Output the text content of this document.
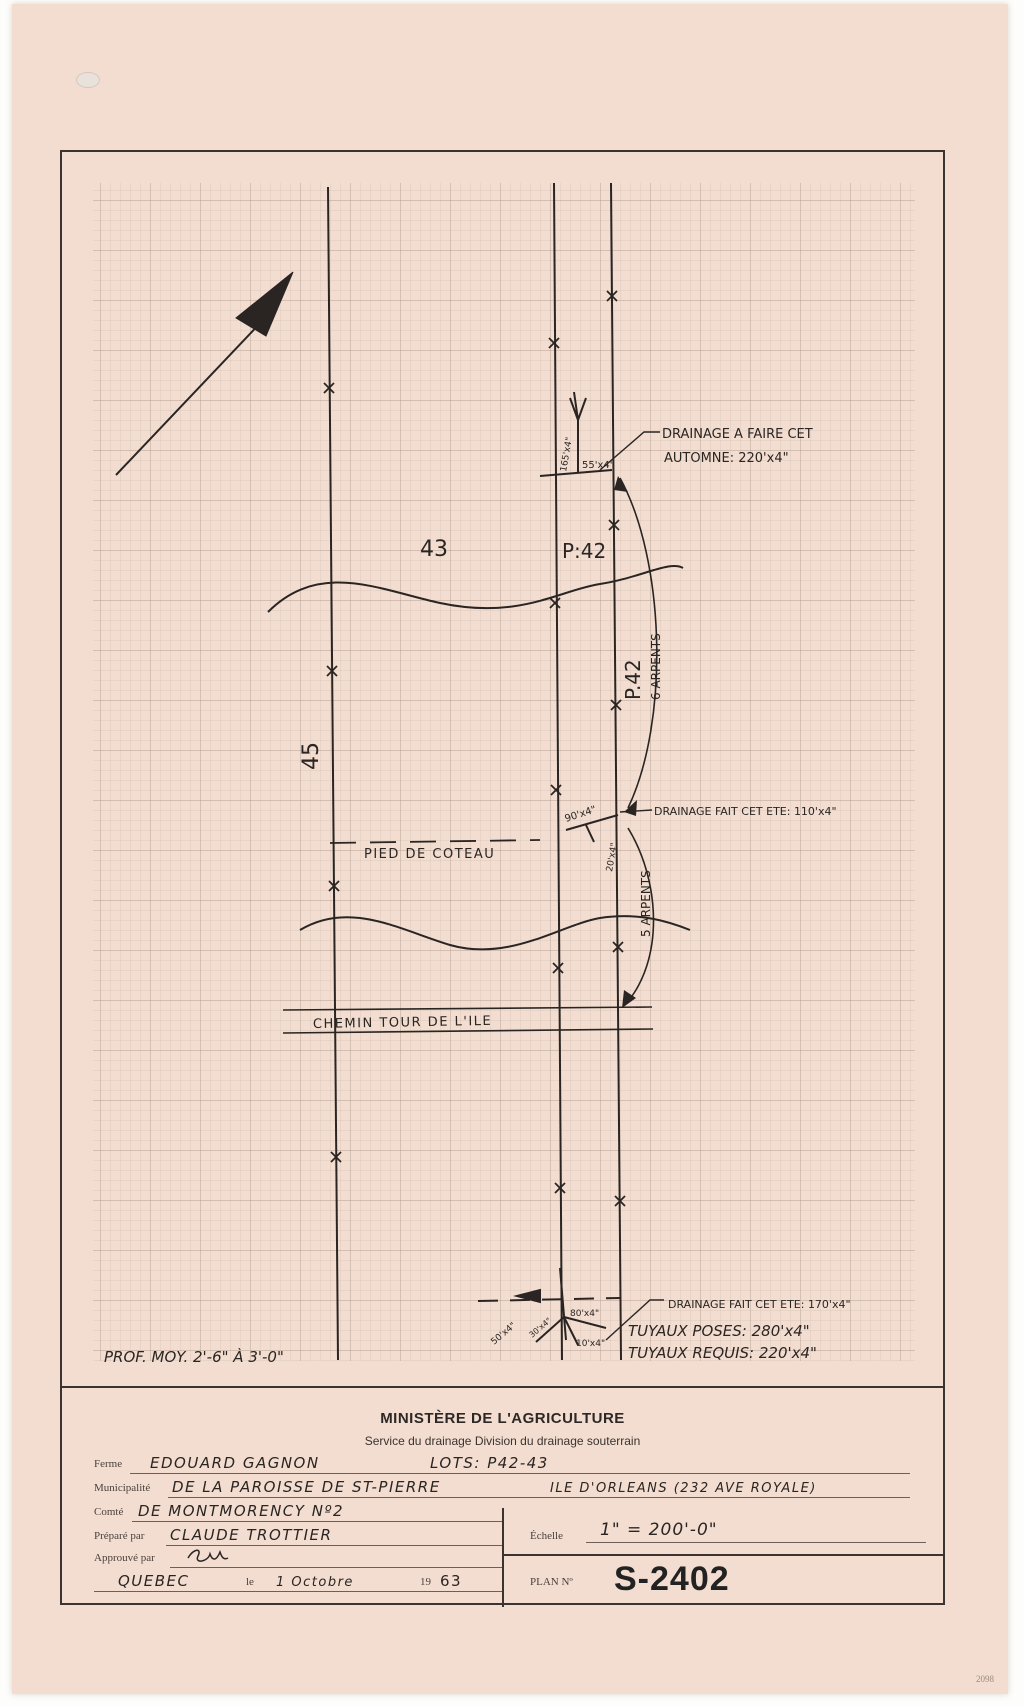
45
43	P:42
P.42 6 ARPENTS
5 ARPENTS
PIED DE COTEAU
CHEMIN TOUR DE L'ILE
PROF. MOY. 2'-6" À 3'-0"
DRAINAGE A FAIRE CET
AUTOMNE: 220'x4"
DRAINAGE FAIT CET ETE: 110'x4"
DRAINAGE FAIT CET ETE: 170'x4"
TUYAUX POSES: 280'x4"
TUYAUX REQUIS: 220'x4"
165'x4" 55'x4"
90'x4"
20'x4"
50'x4" 30'x4"
80'x4"
10'x4"
MINISTÈRE DE L'AGRICULTURE
Service du drainage Division du drainage souterrain
Ferme EDOUARD GAGNON	LOTS: P42-43
Municipalité DE LA PAROISSE DE ST-PIERRE	ILE D'ORLEANS (232 AVE ROYALE)
Comté DE MONTMORENCY Nº2
Préparé par CLAUDE TROTTIER
Approuvé par
QUEBEC	le 1 Octobre	19 63
Échelle 1" = 200'-0"
PLAN Nº S-2402
2098
